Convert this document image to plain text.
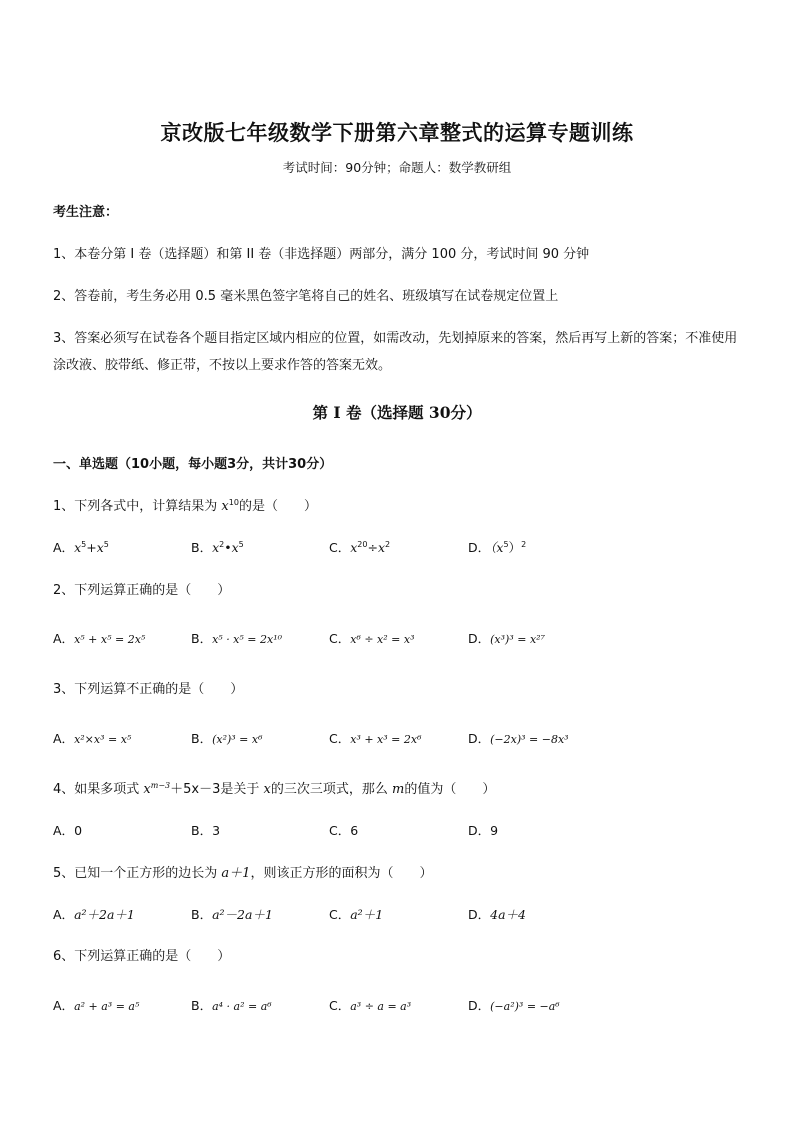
京改版七年级数学下册第六章整式的运算专题训练
考试时间：90分钟；命题人：数学教研组
考生注意：
1、本卷分第 I 卷（选择题）和第 II 卷（非选择题）两部分，满分 100 分，考试时间 90 分钟
2、答卷前，考生务必用 0.5 毫米黑色签字笔将自己的姓名、班级填写在试卷规定位置上
3、答案必须写在试卷各个题目指定区域内相应的位置，如需改动，先划掉原来的答案，然后再写上新的答案；不准使用涂改液、胶带纸、修正带，不按以上要求作答的答案无效。
第 I 卷（选择题 30分）
一、单选题（10小题，每小题3分，共计30分）
1、下列各式中，计算结果为 $x^{10}$的是（　　）
A．$x^5+x^5$	B．$x^2•x^5$	C．$x^{20}\div x^2$	D．$(x^5)^2$
2、下列运算正确的是（　　）
A．x⁵ + x⁵ = 2x⁵	B．x⁵ · x⁵ = 2x¹⁰	C．x⁶ ÷ x² = x³	D．(x³)³ = x²⁷
3、下列运算不正确的是（　　）
A．x²×x³ = x⁵	B．(x²)³ = x⁶	C．x³ + x³ = 2x⁶	D．(−2x)³ = −8x³
4、如果多项式 $x^{m-3}+5x-3$是关于 x的三次三项式，那么 m的值为（　　）
A．0	B．3	C．6	D．9
5、已知一个正方形的边长为 a＋1，则该正方形的面积为（　　）
A．a²＋2a＋1	B．a²－2a＋1	C．a²＋1	D．4a＋4
6、下列运算正确的是（　　）
A．a² + a³ = a⁵	B．a⁴ · a² = a⁶	C．a³ ÷ a = a³	D．(−a²)³ = −a⁶
